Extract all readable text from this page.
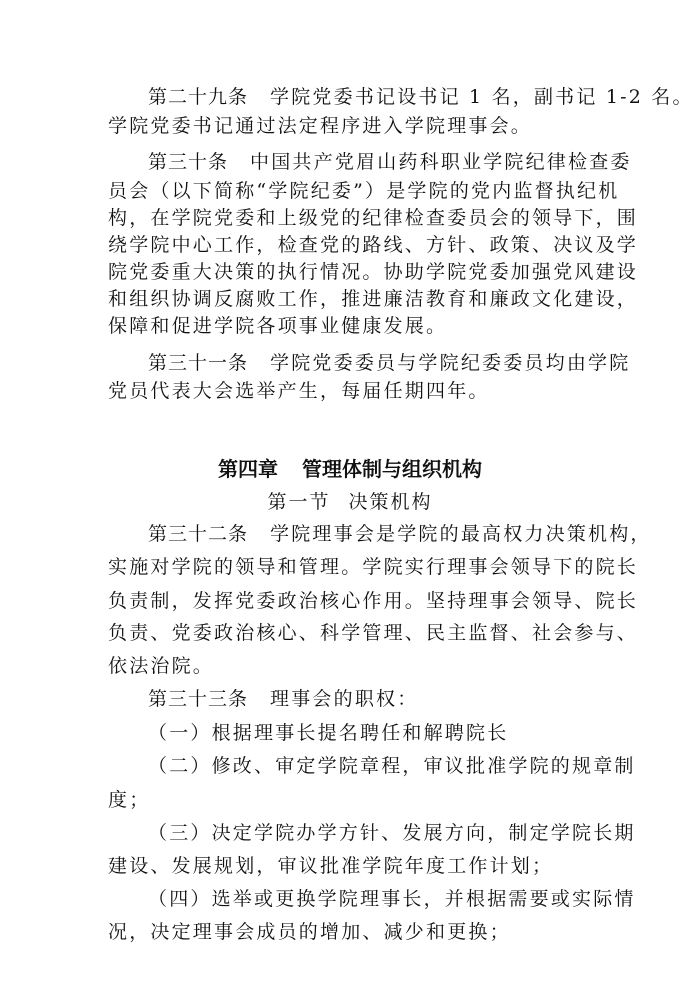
第二十九条 学院党委书记设书记 1 名，副书记 1-2 名。
学院党委书记通过法定程序进入学院理事会。
第三十条 中国共产党眉山药科职业学院纪律检查委
员会（以下简称“学院纪委”）是学院的党内监督执纪机
构，在学院党委和上级党的纪律检查委员会的领导下，围
绕学院中心工作，检查党的路线、方针、政策、决议及学
院党委重大决策的执行情况。协助学院党委加强党风建设
和组织协调反腐败工作，推进廉洁教育和廉政文化建设，
保障和促进学院各项事业健康发展。
第三十一条 学院党委委员与学院纪委委员均由学院
党员代表大会选举产生，每届任期四年。
第四章 管理体制与组织机构
第一节 决策机构
第三十二条 学院理事会是学院的最高权力决策机构，
实施对学院的领导和管理。学院实行理事会领导下的院长
负责制，发挥党委政治核心作用。坚持理事会领导、院长
负责、党委政治核心、科学管理、民主监督、社会参与、
依法治院。
第三十三条 理事会的职权：
（一）根据理事长提名聘任和解聘院长
（二）修改、审定学院章程，审议批准学院的规章制
度；
（三）决定学院办学方针、发展方向，制定学院长期
建设、发展规划，审议批准学院年度工作计划；
（四）选举或更换学院理事长，并根据需要或实际情
况，决定理事会成员的增加、减少和更换；
